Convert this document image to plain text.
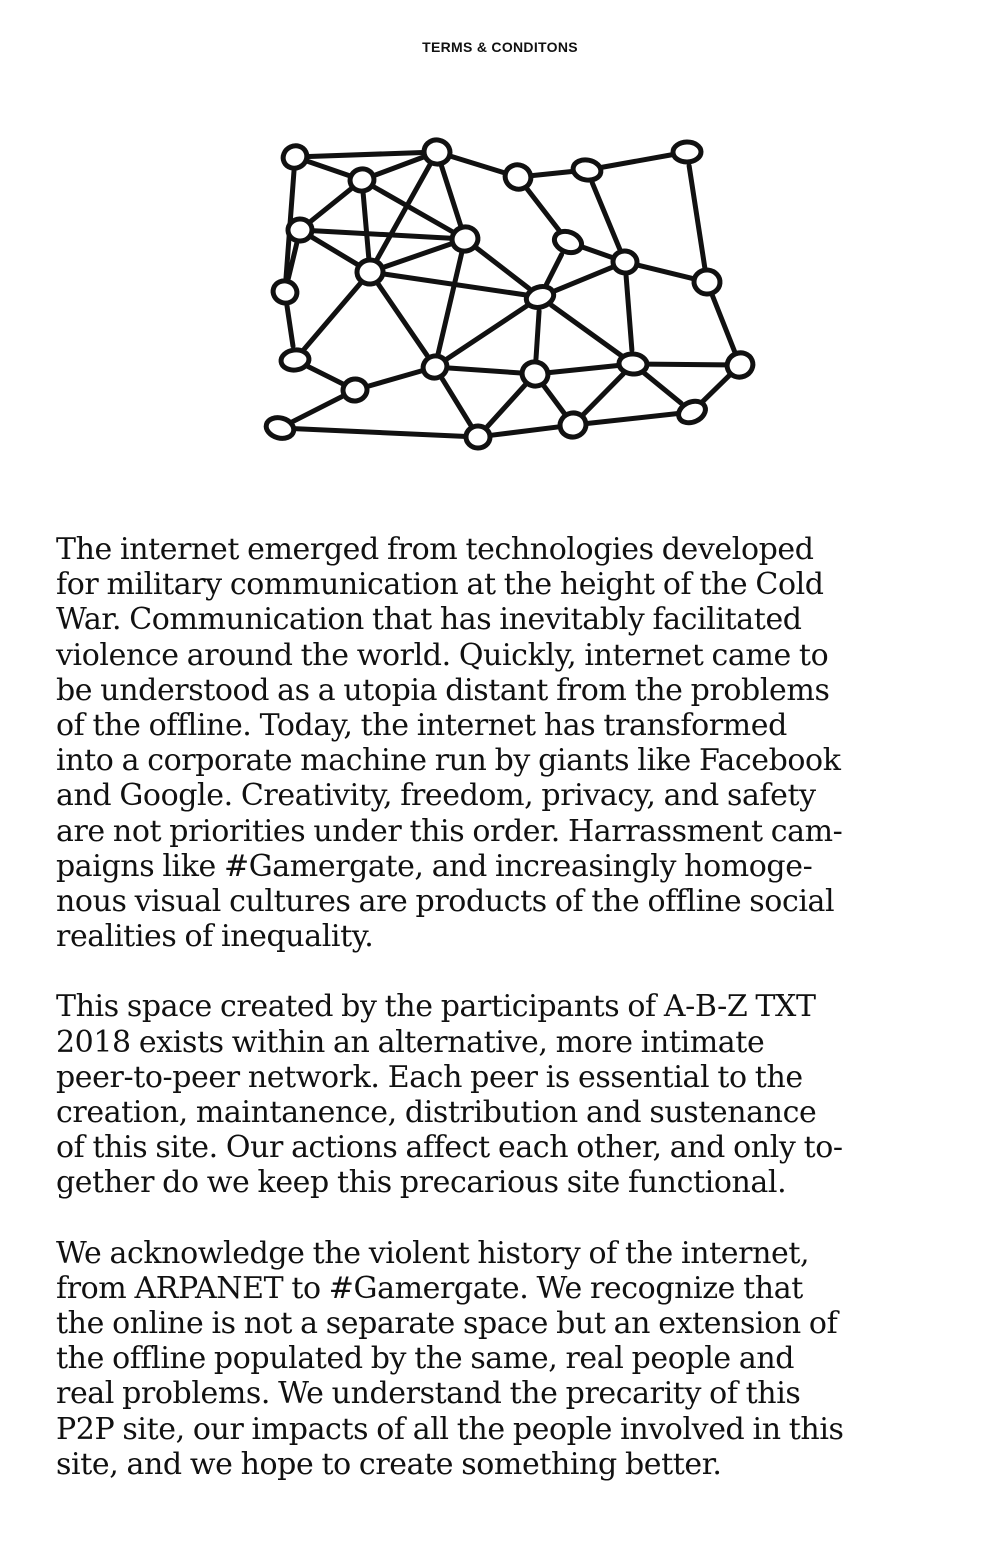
TERMS & CONDITONS

The internet emerged from technologies developed
for military communication at the height of the Cold
War. Communication that has inevitably facilitated
violence around the world. Quickly, internet came to
be understood as a utopia distant from the problems
of the offline. Today, the internet has transformed
into a corporate machine run by giants like Facebook
and Google. Creativity, freedom, privacy, and safety
are not priorities under this order. Harrassment cam-
paigns like #Gamergate, and increasingly homoge-
nous visual cultures are products of the offline social
realities of inequality.

This space created by the participants of A-B-Z TXT
2018 exists within an alternative, more intimate
peer-to-peer network. Each peer is essential to the
creation, maintanence, distribution and sustenance
of this site. Our actions affect each other, and only to-
gether do we keep this precarious site functional.

We acknowledge the violent history of the internet,
from ARPANET to #Gamergate. We recognize that
the online is not a separate space but an extension of
the offline populated by the same, real people and
real problems. We understand the precarity of this
P2P site, our impacts of all the people involved in this
site, and we hope to create something better.
